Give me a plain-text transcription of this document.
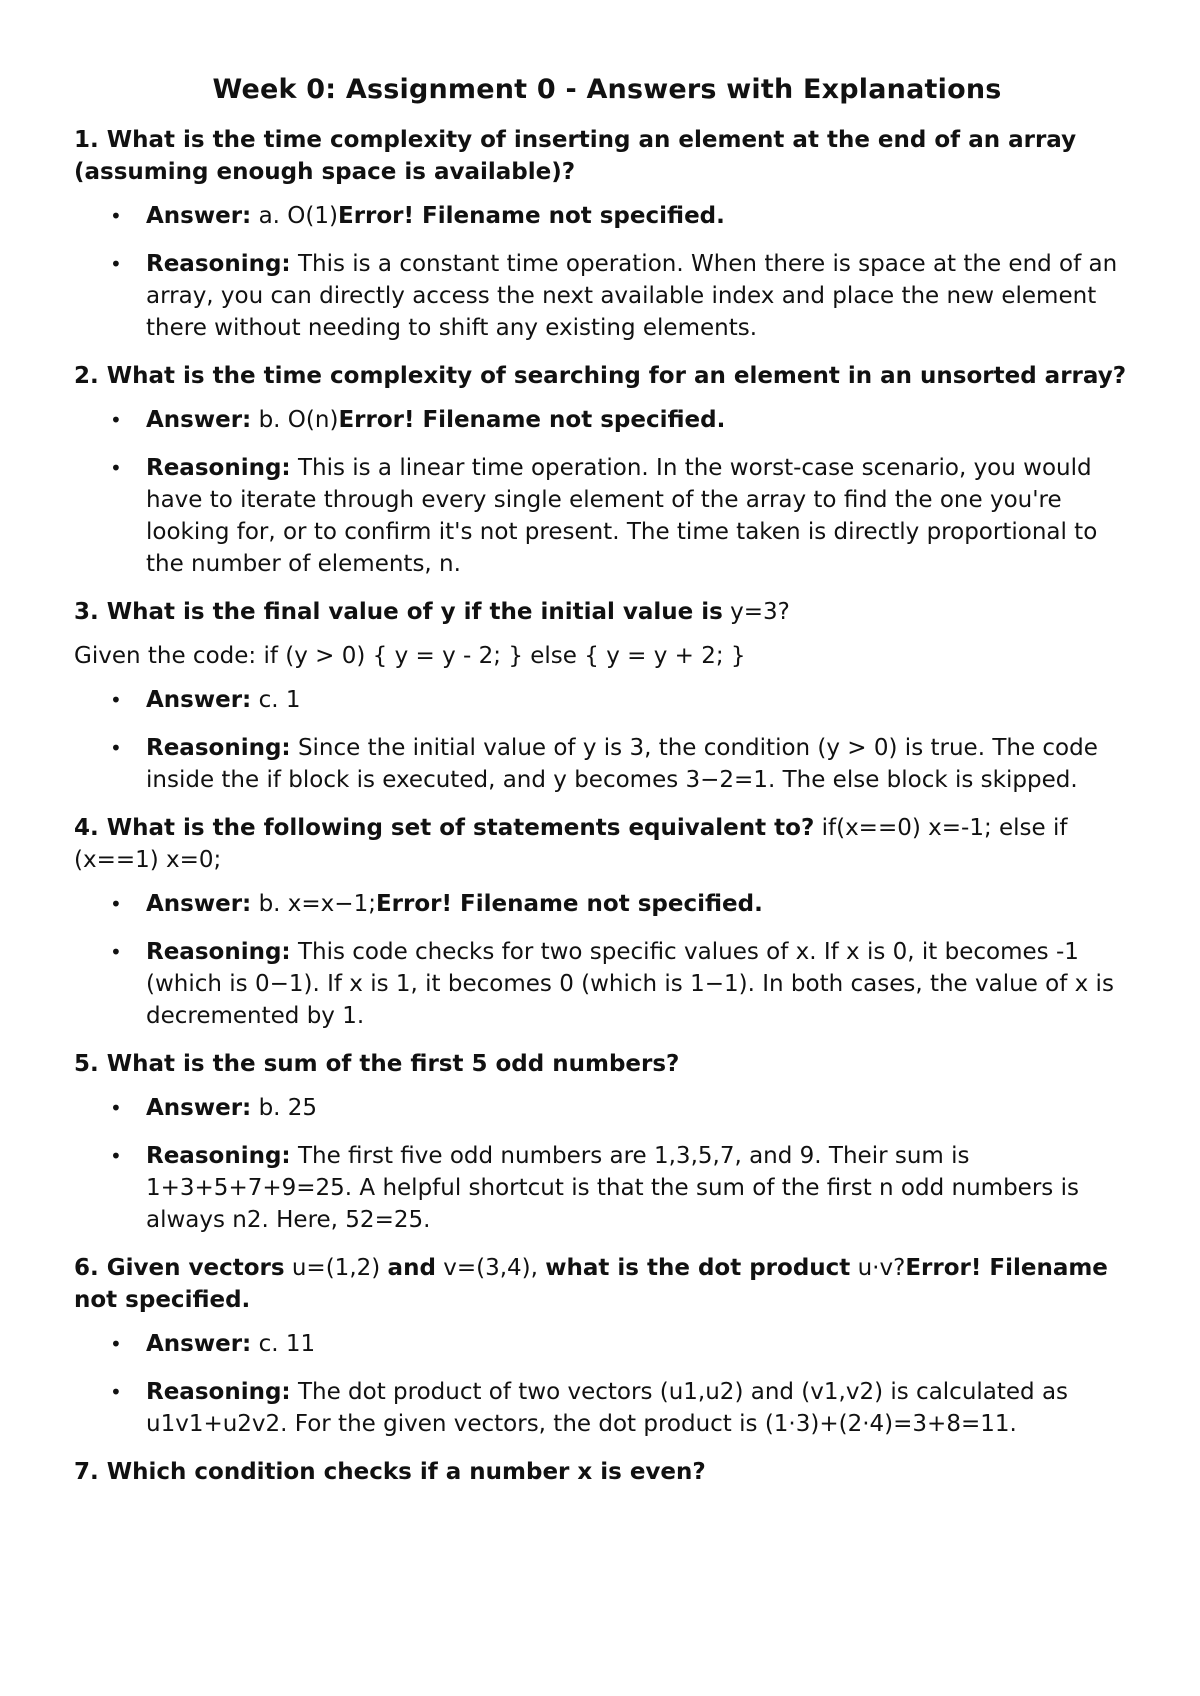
Week 0: Assignment 0 - Answers with Explanations
1. What is the time complexity of inserting an element at the end of an array (assuming enough space is available)?
• Answer: a. O(1)Error! Filename not specified.
• Reasoning: This is a constant time operation. When there is space at the end of an array, you can directly access the next available index and place the new element there without needing to shift any existing elements.
2. What is the time complexity of searching for an element in an unsorted array?
• Answer: b. O(n)Error! Filename not specified.
• Reasoning: This is a linear time operation. In the worst-case scenario, you would have to iterate through every single element of the array to find the one you're looking for, or to confirm it's not present. The time taken is directly proportional to the number of elements, n.
3. What is the final value of y if the initial value is y=3?
Given the code: if (y > 0) { y = y - 2; } else { y = y + 2; }
• Answer: c. 1
• Reasoning: Since the initial value of y is 3, the condition (y > 0) is true. The code inside the if block is executed, and y becomes 3−2=1. The else block is skipped.
4. What is the following set of statements equivalent to? if(x==0) x=-1; else if (x==1) x=0;
• Answer: b. x=x−1;Error! Filename not specified.
• Reasoning: This code checks for two specific values of x. If x is 0, it becomes -1 (which is 0−1). If x is 1, it becomes 0 (which is 1−1). In both cases, the value of x is decremented by 1.
5. What is the sum of the first 5 odd numbers?
• Answer: b. 25
• Reasoning: The first five odd numbers are 1,3,5,7, and 9. Their sum is 1+3+5+7+9=25. A helpful shortcut is that the sum of the first n odd numbers is always n2. Here, 52=25.
6. Given vectors u=(1,2) and v=(3,4), what is the dot product u⋅v?Error! Filename not specified.
• Answer: c. 11
• Reasoning: The dot product of two vectors (u1,u2) and (v1,v2) is calculated as u1v1+u2v2. For the given vectors, the dot product is (1⋅3)+(2⋅4)=3+8=11.
7. Which condition checks if a number x is even?
